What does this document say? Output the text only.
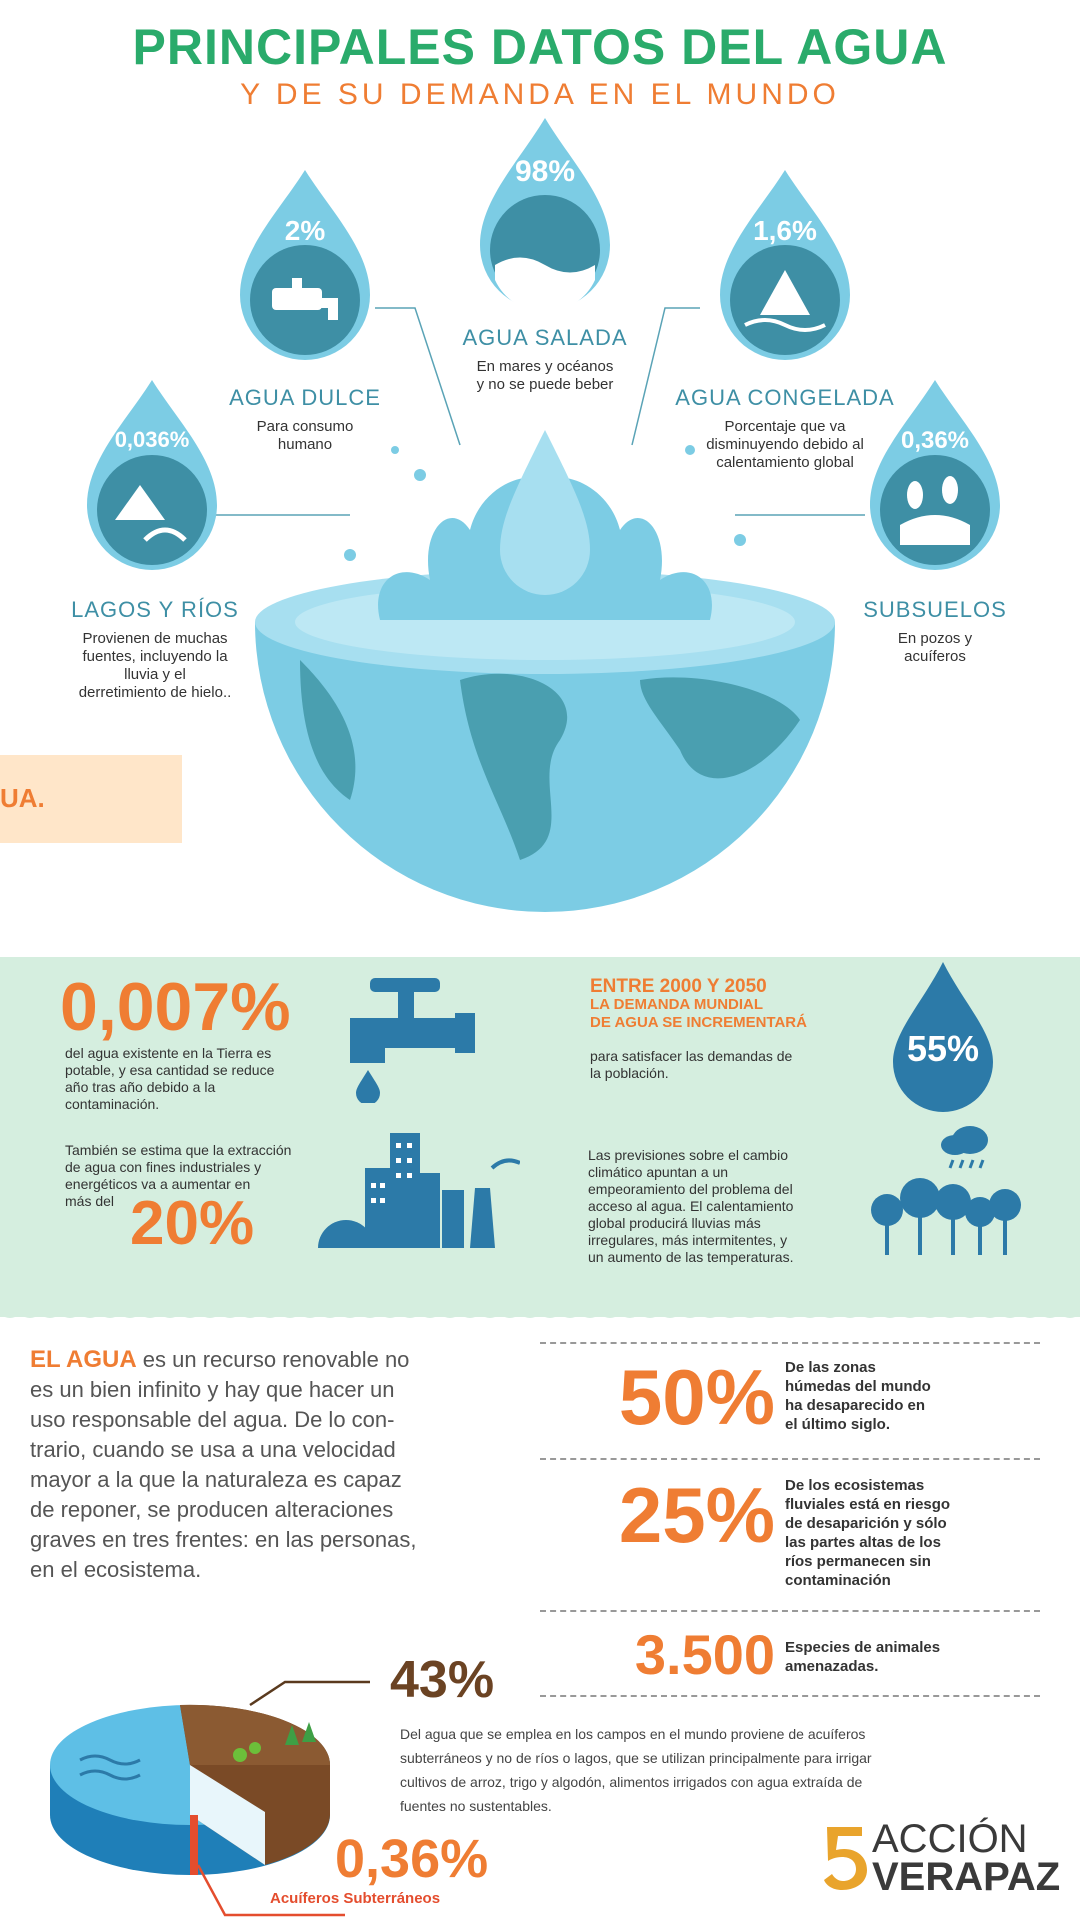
PRINCIPALES DATOS DEL AGUA
Y DE SU DEMANDA EN EL MUNDO
98%
AGUA SALADA
En mares y océanos
y no se puede beber
2%
AGUA DULCE
Para consumo
humano
1,6%
AGUA CONGELADA
Porcentaje que va
disminuyendo debido al
calentamiento global
0,036%
LAGOS Y RÍOS
Provienen de muchas
fuentes, incluyendo la
lluvia y el
derretimiento de hielo..
0,36%
SUBSUELOS
En pozos y
acuíferos
UA.
0,007%
del agua existente en la Tierra es
potable, y esa cantidad se reduce
año tras año debido a la
contaminación.
ENTRE 2000 Y 2050
LA DEMANDA MUNDIAL
DE AGUA SE INCREMENTARÁ
para satisfacer las demandas de
la población.
55%
También se estima que la extracción
de agua con fines industriales y
energéticos va a aumentar en
más del 20%
Las previsiones sobre el cambio
climático apuntan a un
empeoramiento del problema del
acceso al agua. El calentamiento
global producirá lluvias más
irregulares, más intermitentes, y
un aumento de las temperaturas.
EL AGUA es un recurso renovable no
es un bien infinito y hay que hacer un
uso responsable del agua. De lo con-
trario, cuando se usa a una velocidad
mayor a la que la naturaleza es capaz
de reponer, se producen alteraciones
graves en tres frentes: en las personas,
en el ecosistema.
50% De las zonas
húmedas del mundo
ha desaparecido en
el último siglo.
25% De los ecosistemas
fluviales está en riesgo
de desaparición y sólo
las partes altas de los
ríos permanecen sin
contaminación
3.500 Especies de animales
amenazadas.
43%
Del agua que se emplea en los campos en el mundo proviene de acuíferos
subterráneos y no de ríos o lagos, que se utilizan principalmente para irrigar
cultivos de arroz, trigo y algodón, alimentos irrigados con agua extraída de
fuentes no sustentables.
0,36%
Acuíferos Subterráneos
ACCIÓN
VERAPAZ
